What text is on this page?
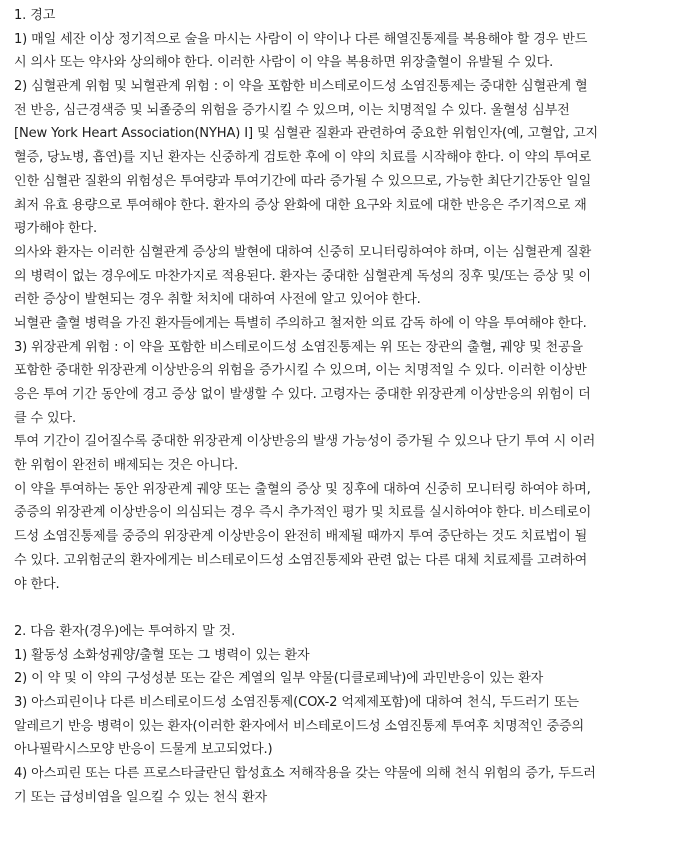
1. 경고
1) 매일 세잔 이상 정기적으로 술을 마시는 사람이 이 약이나 다른 해열진통제를 복용해야 할 경우 반드
시 의사 또는 약사와 상의해야 한다. 이러한 사람이 이 약을 복용하면 위장출혈이 유발될 수 있다.
2) 심혈관계 위험 및 뇌혈관계 위험 : 이 약을 포함한 비스테로이드성 소염진통제는 중대한 심혈관계 혈
전 반응, 심근경색증 및 뇌졸중의 위험을 증가시킬 수 있으며, 이는 치명적일 수 있다. 울혈성 심부전
[New York Heart Association(NYHA) Ⅰ] 및 심혈관 질환과 관련하여 중요한 위험인자(예, 고혈압, 고지
혈증, 당뇨병, 흡연)를 지닌 환자는 신중하게 검토한 후에 이 약의 치료를 시작해야 한다. 이 약의 투여로
인한 심혈관 질환의 위험성은 투여량과 투여기간에 따라 증가될 수 있으므로, 가능한 최단기간동안 일일
최저 유효 용량으로 투여해야 한다. 환자의 증상 완화에 대한 요구와 치료에 대한 반응은 주기적으로 재
평가해야 한다.
의사와 환자는 이러한 심혈관계 증상의 발현에 대하여 신중히 모니터링하여야 하며, 이는 심혈관계 질환
의 병력이 없는 경우에도 마찬가지로 적용된다. 환자는 중대한 심혈관계 독성의 징후 및/또는 증상 및 이
러한 증상이 발현되는 경우 취할 처치에 대하여 사전에 알고 있어야 한다.
뇌혈관 출혈 병력을 가진 환자들에게는 특별히 주의하고 철저한 의료 감독 하에 이 약을 투여해야 한다.
3) 위장관계 위험 : 이 약을 포함한 비스테로이드성 소염진통제는 위 또는 장관의 출혈, 궤양 및 천공을
포함한 중대한 위장관계 이상반응의 위험을 증가시킬 수 있으며, 이는 치명적일 수 있다. 이러한 이상반
응은 투여 기간 동안에 경고 증상 없이 발생할 수 있다. 고령자는 중대한 위장관계 이상반응의 위험이 더
클 수 있다.
투여 기간이 길어질수록 중대한 위장관계 이상반응의 발생 가능성이 증가될 수 있으나 단기 투여 시 이러
한 위험이 완전히 배제되는 것은 아니다.
이 약을 투여하는 동안 위장관계 궤양 또는 출혈의 증상 및 징후에 대하여 신중히 모니터링 하여야 하며,
중증의 위장관계 이상반응이 의심되는 경우 즉시 추가적인 평가 및 치료를 실시하여야 한다. 비스테로이
드성 소염진통제를 중증의 위장관계 이상반응이 완전히 배제될 때까지 투여 중단하는 것도 치료법이 될
수 있다. 고위험군의 환자에게는 비스테로이드성 소염진통제와 관련 없는 다른 대체 치료제를 고려하여
야 한다.
2. 다음 환자(경우)에는 투여하지 말 것.
1) 활동성 소화성궤양/출혈 또는 그 병력이 있는 환자
2) 이 약 및 이 약의 구성성분 또는 같은 계열의 일부 약물(디클로페낙)에 과민반응이 있는 환자
3) 아스피린이나 다른 비스테로이드성 소염진통제(COX-2 억제제포함)에 대하여 천식, 두드러기 또는
알레르기 반응 병력이 있는 환자(이러한 환자에서 비스테로이드성 소염진통제 투여후 치명적인 중증의
아나필락시스모양 반응이 드물게 보고되었다.)
4) 아스피린 또는 다른 프로스타글란딘 합성효소 저해작용을 갖는 약물에 의해 천식 위험의 증가, 두드러
기 또는 급성비염을 일으킬 수 있는 천식 환자
